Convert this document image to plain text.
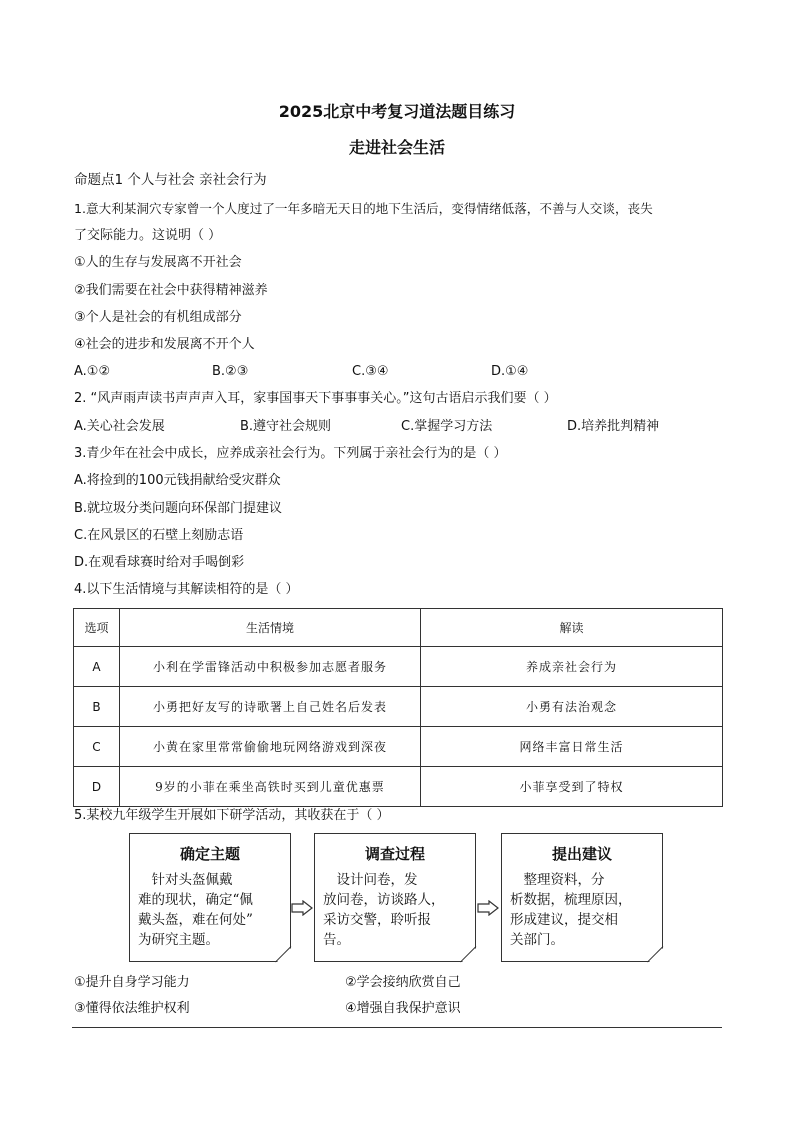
2025北京中考复习道法题目练习
走进社会生活
命题点1 个人与社会 亲社会行为
1.意大利某洞穴专家曾一个人度过了一年多暗无天日的地下生活后，变得情绪低落，不善与人交谈，丧失
了交际能力。这说明（ ）
①人的生存与发展离不开社会
②我们需要在社会中获得精神滋养
③个人是社会的有机组成部分
④社会的进步和发展离不开个人
A.①②	B.②③	C.③④	D.①④
2. “风声雨声读书声声声入耳，家事国事天下事事事关心。”这句古语启示我们要（ ）
A.关心社会发展	B.遵守社会规则	C.掌握学习方法	D.培养批判精神
3.青少年在社会中成长，应养成亲社会行为。下列属于亲社会行为的是（ ）
A.将捡到的100元钱捐献给受灾群众
B.就垃圾分类问题向环保部门提建议
C.在风景区的石壁上刻励志语
D.在观看球赛时给对手喝倒彩
4.以下生活情境与其解读相符的是（ ）
选项	生活情境	解读
A	小利在学雷锋活动中积极参加志愿者服务	养成亲社会行为
B	小勇把好友写的诗歌署上自己姓名后发表	小勇有法治观念
C	小黄在家里常常偷偷地玩网络游戏到深夜	网络丰富日常生活
D	9岁的小菲在乘坐高铁时买到儿童优惠票	小菲享受到了特权
5.某校九年级学生开展如下研学活动，其收获在于（ ）
确定主题
　针对头盔佩戴
难的现状，确定“佩
戴头盔，难在何处”
为研究主题。
调查过程
　设计问卷，发
放问卷，访谈路人，
采访交警，聆听报
告。
提出建议
　整理资料，分
析数据，梳理原因，
形成建议，提交相
关部门。
①提升自身学习能力	②学会接纳欣赏自己
③懂得依法维护权利	④增强自我保护意识
